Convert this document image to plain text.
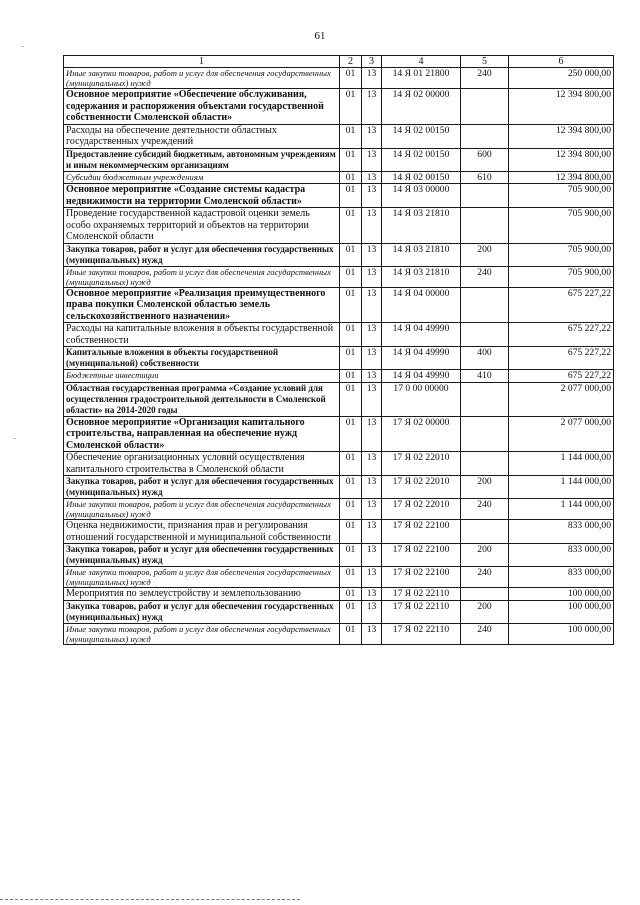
61
.
.
1	2	3	4	5	6
Иные закупки товаров, работ и услуг для обеспечения государственных (муниципальных) нужд	01	13	14 Я 01 21800	240	250 000,00
Основное мероприятие «Обеспечение обслуживания, содержания и распоряжения объектами государственной собственности Смоленской области»	01	13	14 Я 02 00000		12 394 800,00
Расходы на обеспечение деятельности областных государственных учреждений	01	13	14 Я 02 00150		12 394 800,00
Предоставление субсидий бюджетным, автономным учреждениям и иным некоммерческим организациям	01	13	14 Я 02 00150	600	12 394 800,00
Субсидии бюджетным учреждениям	01	13	14 Я 02 00150	610	12 394 800,00
Основное мероприятие «Создание системы кадастра недвижимости на территории Смоленской области»	01	13	14 Я 03 00000		705 900,00
Проведение государственной кадастровой оценки земель особо охраняемых территорий и объектов на территории Смоленской области	01	13	14 Я 03 21810		705 900,00
Закупка товаров, работ и услуг для обеспечения государственных (муниципальных) нужд	01	13	14 Я 03 21810	200	705 900,00
Иные закупки товаров, работ и услуг для обеспечения государственных (муниципальных) нужд	01	13	14 Я 03 21810	240	705 900,00
Основное мероприятие «Реализация преимущественного права покупки Смоленской областью земель сельскохозяйственного назначения»	01	13	14 Я 04 00000		675 227,22
Расходы на капитальные вложения в объекты государственной собственности	01	13	14 Я 04 49990		675 227,22
Капитальные вложения в объекты государственной (муниципальной) собственности	01	13	14 Я 04 49990	400	675 227,22
Бюджетные инвестиции	01	13	14 Я 04 49990	410	675 227,22
Областная государственная программа «Создание условий для осуществления градостроительной деятельности в Смоленской области» на 2014-2020 годы	01	13	17 0 00 00000		2 077 000,00
Основное мероприятие «Организация капитального строительства, направленная на обеспечение нужд Смоленской области»	01	13	17 Я 02 00000		2 077 000,00
Обеспечение организационных условий осуществления капитального строительства в Смоленской области	01	13	17 Я 02 22010		1 144 000,00
Закупка товаров, работ и услуг для обеспечения государственных (муниципальных) нужд	01	13	17 Я 02 22010	200	1 144 000,00
Иные закупки товаров, работ и услуг для обеспечения государственных (муниципальных) нужд	01	13	17 Я 02 22010	240	1 144 000,00
Оценка недвижимости, признания прав и регулирования отношений государственной и муниципальной собственности	01	13	17 Я 02 22100		833 000,00
Закупка товаров, работ и услуг для обеспечения государственных (муниципальных) нужд	01	13	17 Я 02 22100	200	833 000,00
Иные закупки товаров, работ и услуг для обеспечения государственных (муниципальных) нужд	01	13	17 Я 02 22100	240	833 000,00
Мероприятия по землеустройству и землепользованию	01	13	17 Я 02 22110		100 000,00
Закупка товаров, работ и услуг для обеспечения государственных (муниципальных) нужд	01	13	17 Я 02 22110	200	100 000,00
Иные закупки товаров, работ и услуг для обеспечения государственных (муниципальных) нужд	01	13	17 Я 02 22110	240	100 000,00
